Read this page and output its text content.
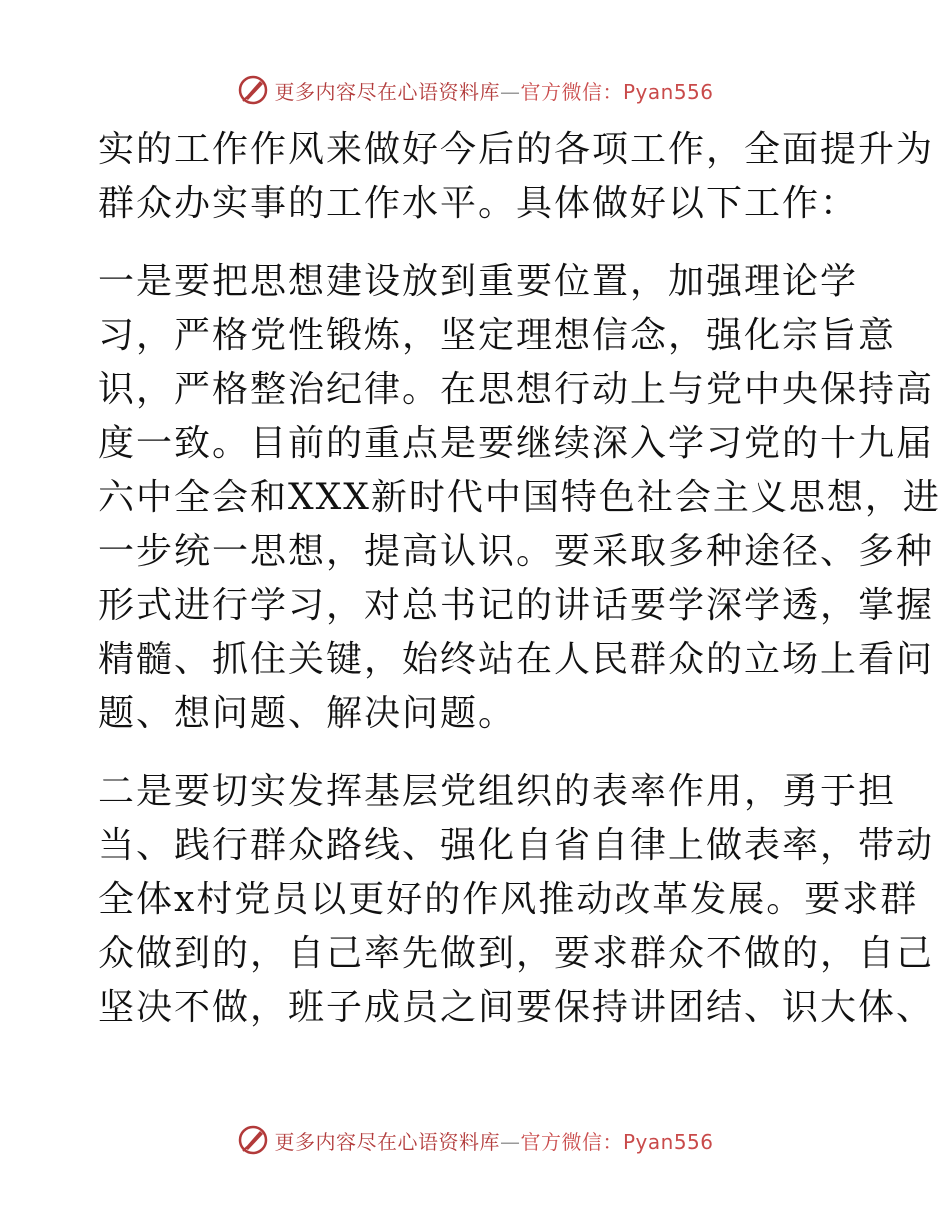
更多内容尽在心语资料库—官方微信：Pyan556
实的工作作风来做好今后的各项工作，全面提升为
群众办实事的工作水平。具体做好以下工作：
一是要把思想建设放到重要位置，加强理论学
习，严格党性锻炼，坚定理想信念，强化宗旨意
识，严格整治纪律。在思想行动上与党中央保持高
度一致。目前的重点是要继续深入学习党的十九届
六中全会和XXX新时代中国特色社会主义思想，进
一步统一思想，提高认识。要采取多种途径、多种
形式进行学习，对总书记的讲话要学深学透，掌握
精髓、抓住关键，始终站在人民群众的立场上看问
题、想问题、解决问题。
二是要切实发挥基层党组织的表率作用，勇于担
当、践行群众路线、强化自省自律上做表率，带动
全体x村党员以更好的作风推动改革发展。要求群
众做到的，自己率先做到，要求群众不做的，自己
坚决不做，班子成员之间要保持讲团结、识大体、
更多内容尽在心语资料库—官方微信：Pyan556
